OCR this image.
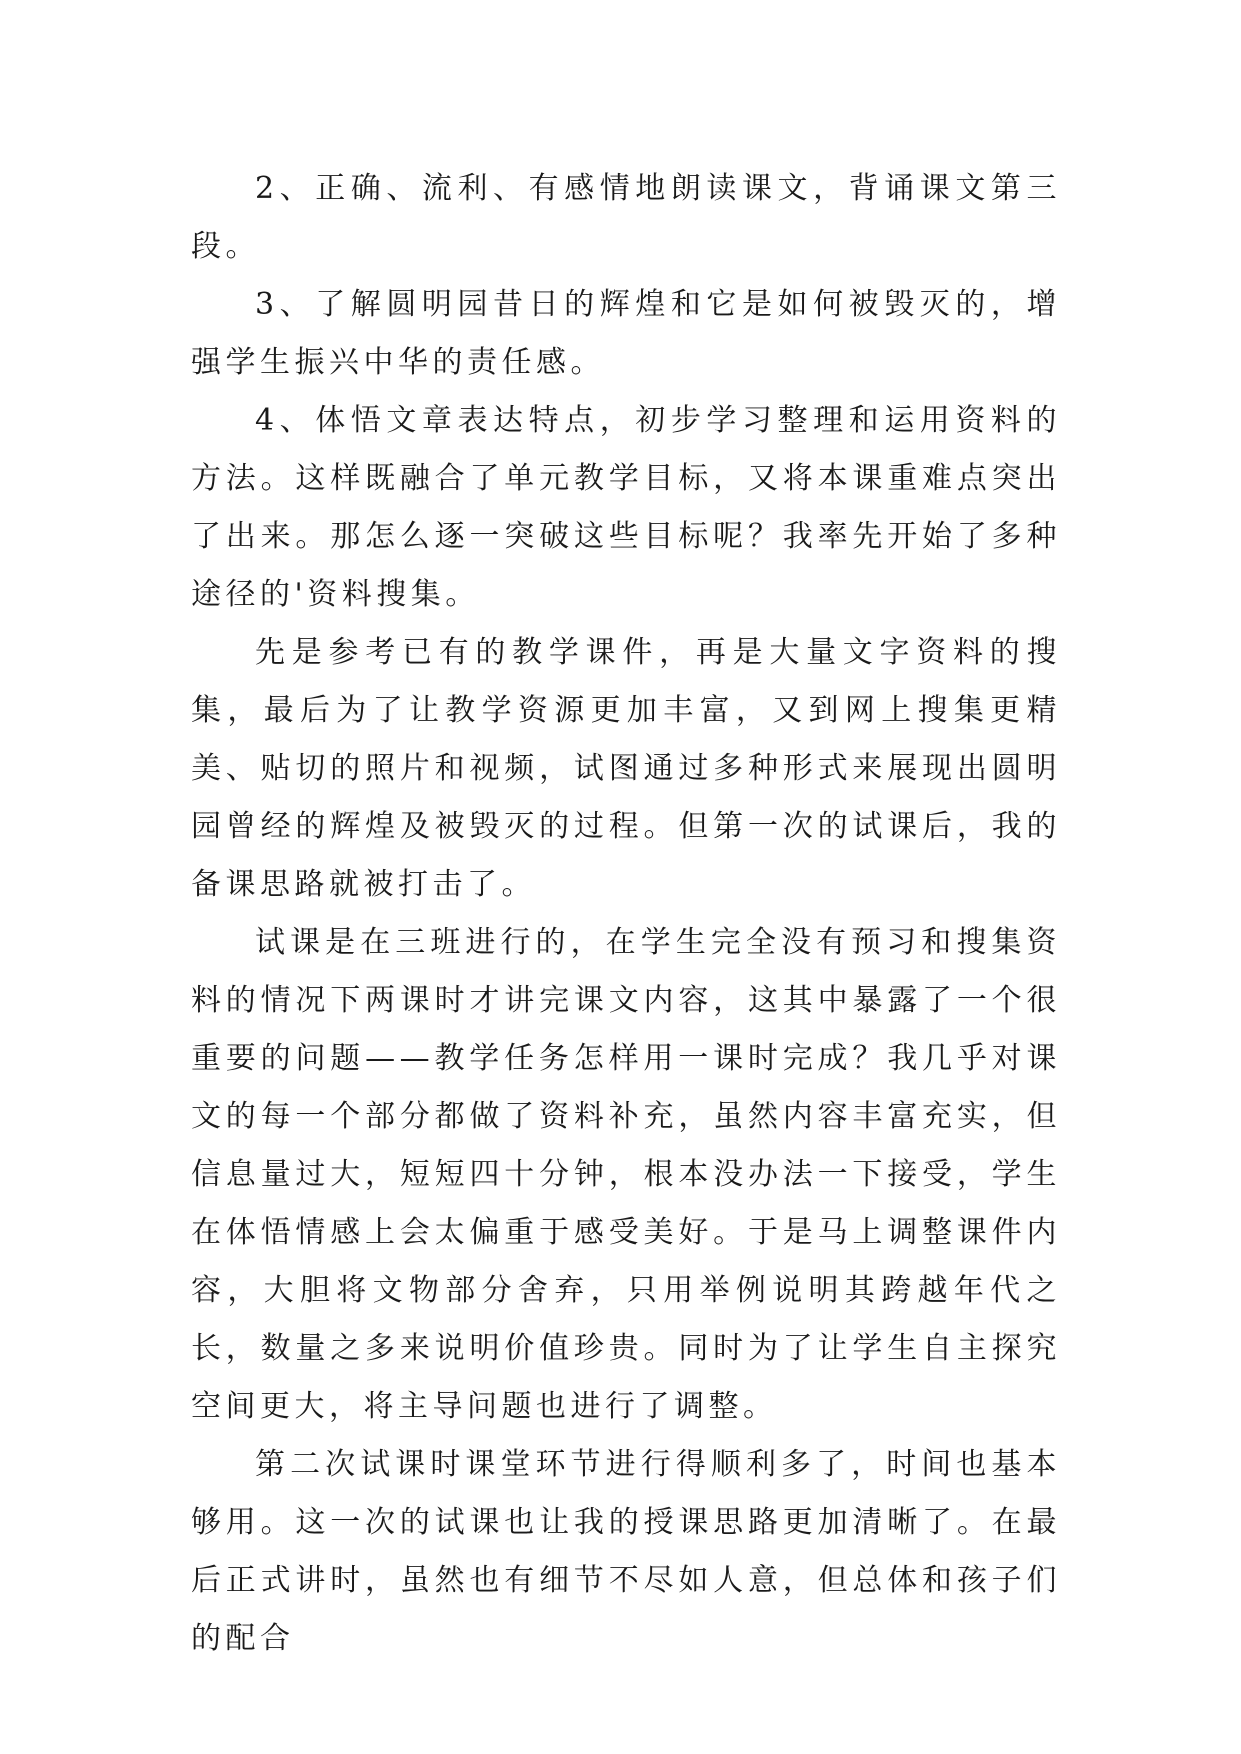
2、正确、流利、有感情地朗读课文，背诵课文第三段。

3、了解圆明园昔日的辉煌和它是如何被毁灭的，增强学生振兴中华的责任感。

4、体悟文章表达特点，初步学习整理和运用资料的方法。这样既融合了单元教学目标，又将本课重难点突出了出来。那怎么逐一突破这些目标呢？我率先开始了多种途径的'资料搜集。

先是参考已有的教学课件，再是大量文字资料的搜集，最后为了让教学资源更加丰富，又到网上搜集更精美、贴切的照片和视频，试图通过多种形式来展现出圆明园曾经的辉煌及被毁灭的过程。但第一次的试课后，我的备课思路就被打击了。

试课是在三班进行的，在学生完全没有预习和搜集资料的情况下两课时才讲完课文内容，这其中暴露了一个很重要的问题——教学任务怎样用一课时完成？我几乎对课文的每一个部分都做了资料补充，虽然内容丰富充实，但信息量过大，短短四十分钟，根本没办法一下接受，学生在体悟情感上会太偏重于感受美好。于是马上调整课件内容，大胆将文物部分舍弃，只用举例说明其跨越年代之长，数量之多来说明价值珍贵。同时为了让学生自主探究空间更大，将主导问题也进行了调整。

第二次试课时课堂环节进行得顺利多了，时间也基本够用。这一次的试课也让我的授课思路更加清晰了。在最后正式讲时，虽然也有细节不尽如人意，但总体和孩子们的配合
